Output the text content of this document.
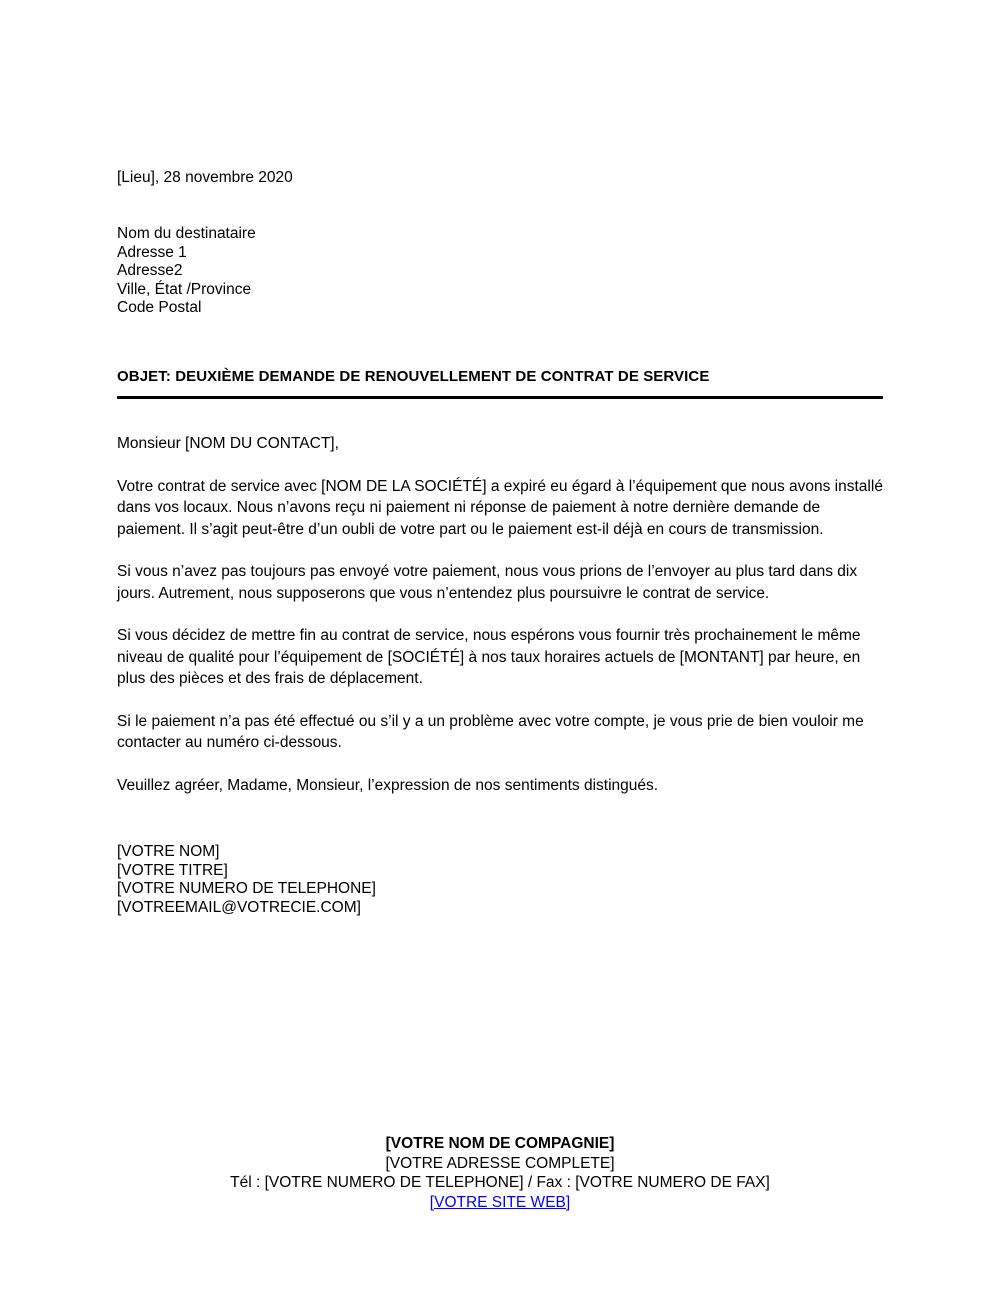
[Lieu], 28 novembre 2020
Nom du destinataire
Adresse 1
Adresse2
Ville, État /Province
Code Postal
OBJET: DEUXIÈME DEMANDE DE RENOUVELLEMENT DE CONTRAT DE SERVICE

Monsieur [NOM DU CONTACT],

Votre contrat de service avec [NOM DE LA SOCIÉTÉ] a expiré eu égard à l’équipement que nous avons installé dans vos locaux. Nous n’avons reçu ni paiement ni réponse de paiement à notre dernière demande de paiement. Il s’agit peut-être d’un oubli de votre part ou le paiement est-il déjà en cours de transmission.

Si vous n’avez pas toujours pas envoyé votre paiement, nous vous prions de l’envoyer au plus tard dans dix jours. Autrement, nous supposerons que vous n’entendez plus poursuivre le contrat de service.

Si vous décidez de mettre fin au contrat de service, nous espérons vous fournir très prochainement le même niveau de qualité pour l’équipement de [SOCIÉTÉ] à nos taux horaires actuels de [MONTANT] par heure, en plus des pièces et des frais de déplacement.

Si le paiement n’a pas été effectué ou s’il y a un problème avec votre compte, je vous prie de bien vouloir me contacter au numéro ci-dessous.

Veuillez agréer, Madame, Monsieur, l’expression de nos sentiments distingués.

[VOTRE NOM]
[VOTRE TITRE]
[VOTRE NUMERO DE TELEPHONE]
[VOTREEMAIL@VOTRECIE.COM]
[VOTRE NOM DE COMPAGNIE]
[VOTRE ADRESSE COMPLETE]
Tél : [VOTRE NUMERO DE TELEPHONE] / Fax : [VOTRE NUMERO DE FAX]
[VOTRE SITE WEB]
